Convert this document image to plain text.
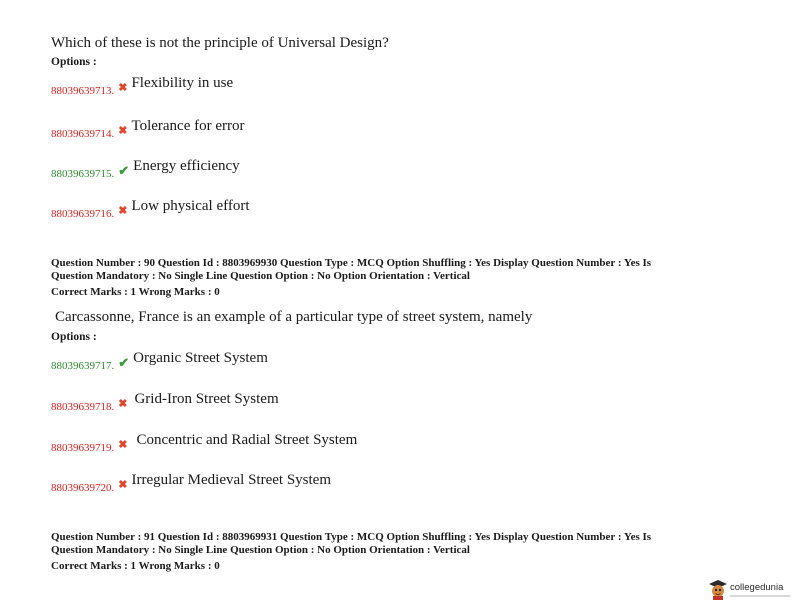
Which of these is not the principle of Universal Design?
Options :
$_{88039639713.}$ $_✖$ Flexibility in use
$_{88039639714.}$ $_✖$ Tolerance for error
$_{88039639715.}$ $_✔$ Energy efficiency
$_{88039639716.}$ $_✖$ Low physical effort
Question Number : 90 Question Id : 8803969930 Question Type : MCQ Option Shuffling : Yes Display Question Number : Yes Is
Question Mandatory : No Single Line Question Option : No Option Orientation : Vertical
Correct Marks : 1 Wrong Marks : 0
Carcassonne, France is an example of a particular type of street system, namely
Options :
$_{88039639717.}$ $_✔$ Organic Street System
$_{88039639718.}$ $_✖$ Grid-Iron Street System
$_{88039639719.}$ $_✖$ Concentric and Radial Street System
$_{88039639720.}$ $_✖$ Irregular Medieval Street System
Question Number : 91 Question Id : 8803969931 Question Type : MCQ Option Shuffling : Yes Display Question Number : Yes Is
Question Mandatory : No Single Line Question Option : No Option Orientation : Vertical
Correct Marks : 1 Wrong Marks : 0
collegedunia
